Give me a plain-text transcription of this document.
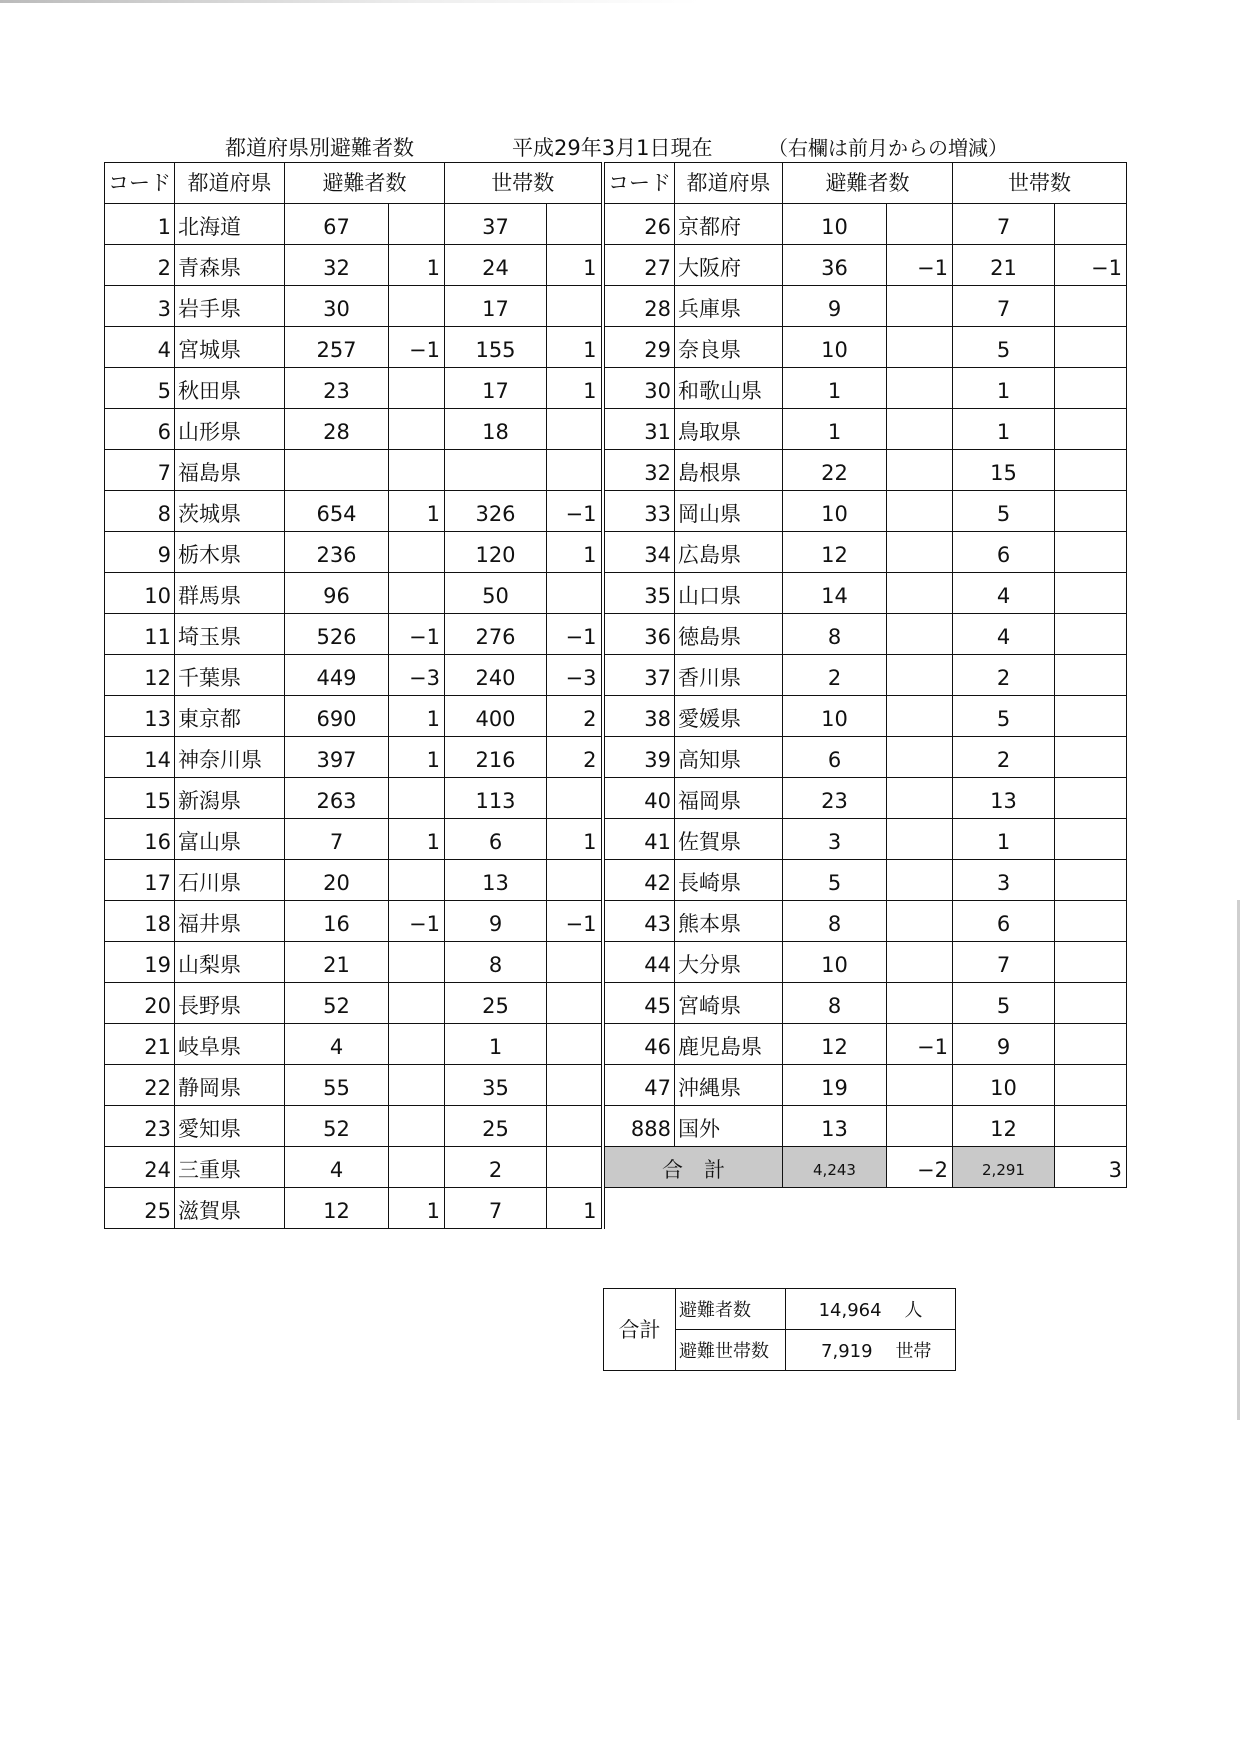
都道府県別避難者数	平成29年3月1日現在	（右欄は前月からの増減）
コード	都道府県	避難者数		世帯数	
1	北海道	67		37	
2	青森県	32	1	24	1
3	岩手県	30		17	
4	宮城県	257	−1	155	1
5	秋田県	23		17	1
6	山形県	28		18	
7	福島県				
8	茨城県	654	1	326	−1
9	栃木県	236		120	1
10	群馬県	96		50	
11	埼玉県	526	−1	276	−1
12	千葉県	449	−3	240	−3
13	東京都	690	1	400	2
14	神奈川県	397	1	216	2
15	新潟県	263		113	
16	富山県	7	1	6	1
17	石川県	20		13	
18	福井県	16	−1	9	−1
19	山梨県	21		8	
20	長野県	52		25	
21	岐阜県	4		1	
22	静岡県	55		35	
23	愛知県	52		25	
24	三重県	4		2	
25	滋賀県	12	1	7	1
コード	都道府県	避難者数		世帯数	
26	京都府	10		7	
27	大阪府	36	−1	21	−1
28	兵庫県	9		7	
29	奈良県	10		5	
30	和歌山県	1		1	
31	鳥取県	1		1	
32	島根県	22		15	
33	岡山県	10		5	
34	広島県	12		6	
35	山口県	14		4	
36	徳島県	8		4	
37	香川県	2		2	
38	愛媛県	10		5	
39	高知県	6		2	
40	福岡県	23		13	
41	佐賀県	3		1	
42	長崎県	5		3	
43	熊本県	8		6	
44	大分県	10		7	
45	宮崎県	8		5	
46	鹿児島県	12	−1	9	
47	沖縄県	19		10	
888	国外	13		12	
合　計		4,243	−2	2,291	3
合計	避難者数	14,964 人
	避難世帯数	7,919 世帯
